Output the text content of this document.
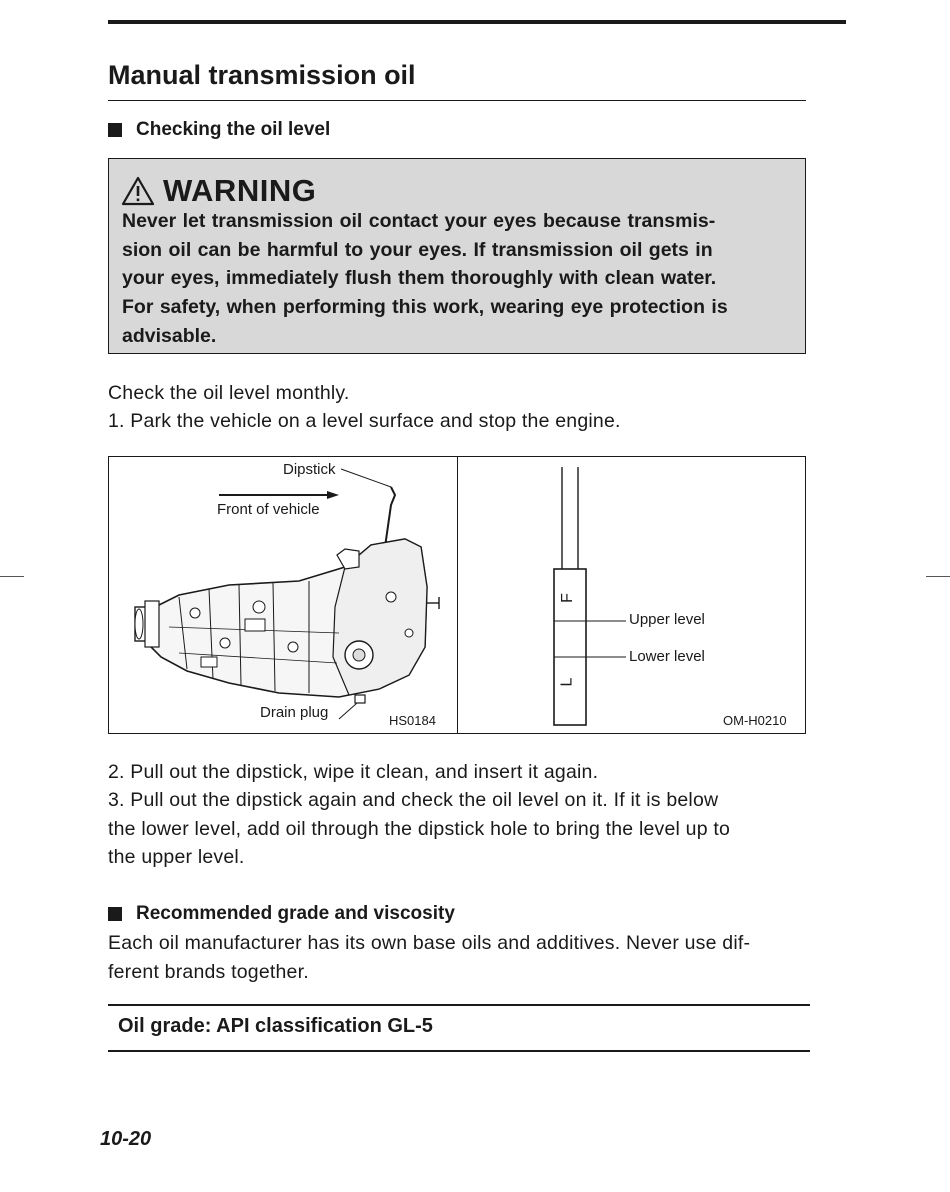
Manual transmission oil
Checking the oil level
WARNING
Never let transmission oil contact your eyes because transmis-
sion oil can be harmful to your eyes. If transmission oil gets in
your eyes, immediately flush them thoroughly with clean water.
For safety, when performing this work, wearing eye protection is
advisable.
Check the oil level monthly.
1. Park the vehicle on a level surface and stop the engine.
Dipstick
Front of vehicle
Drain plug	HS0184
F
L
Upper level
Lower level
OM-H0210
2. Pull out the dipstick, wipe it clean, and insert it again.
3. Pull out the dipstick again and check the oil level on it. If it is below
the lower level, add oil through the dipstick hole to bring the level up to
the upper level.
Recommended grade and viscosity
Each oil manufacturer has its own base oils and additives. Never use dif-
ferent brands together.
Oil grade: API classification GL-5
10-20
